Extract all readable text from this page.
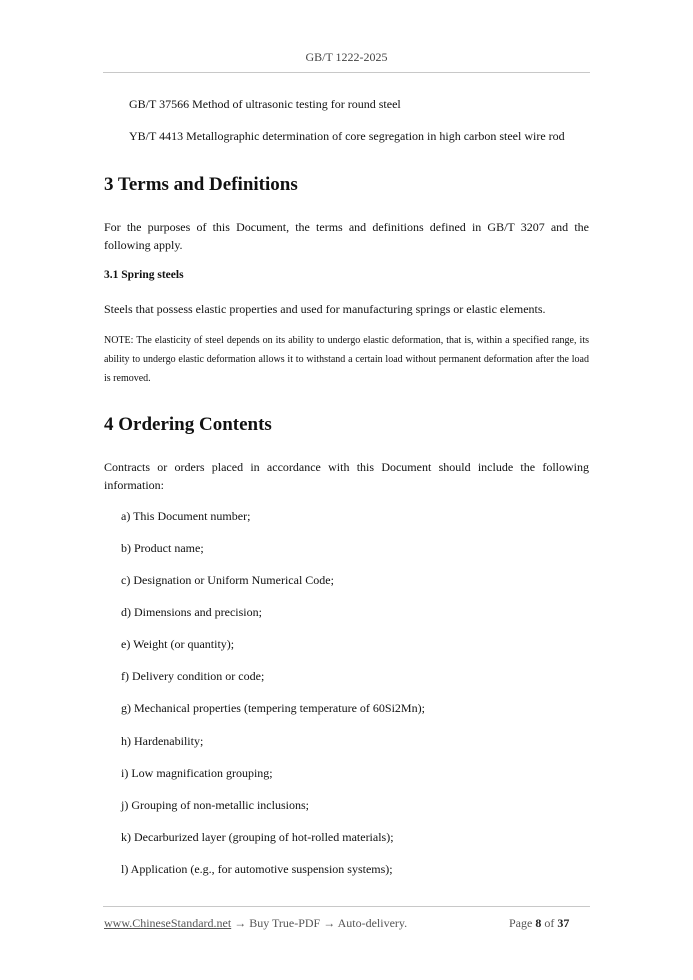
GB/T 1222-2025
GB/T 37566 Method of ultrasonic testing for round steel
YB/T 4413 Metallographic determination of core segregation in high carbon steel wire rod
3 Terms and Definitions
For the purposes of this Document, the terms and definitions defined in GB/T 3207 and the following apply.
3.1 Spring steels
Steels that possess elastic properties and used for manufacturing springs or elastic elements.
NOTE: The elasticity of steel depends on its ability to undergo elastic deformation, that is, within a specified range, its ability to undergo elastic deformation allows it to withstand a certain load without permanent deformation after the load is removed.
4 Ordering Contents
Contracts or orders placed in accordance with this Document should include the following information:
a) This Document number;
b) Product name;
c) Designation or Uniform Numerical Code;
d) Dimensions and precision;
e) Weight (or quantity);
f) Delivery condition or code;
g) Mechanical properties (tempering temperature of 60Si2Mn);
h) Hardenability;
i) Low magnification grouping;
j) Grouping of non-metallic inclusions;
k) Decarburized layer (grouping of hot-rolled materials);
l) Application (e.g., for automotive suspension systems);
www.ChineseStandard.net → Buy True-PDF → Auto-delivery.	Page 8 of 37
